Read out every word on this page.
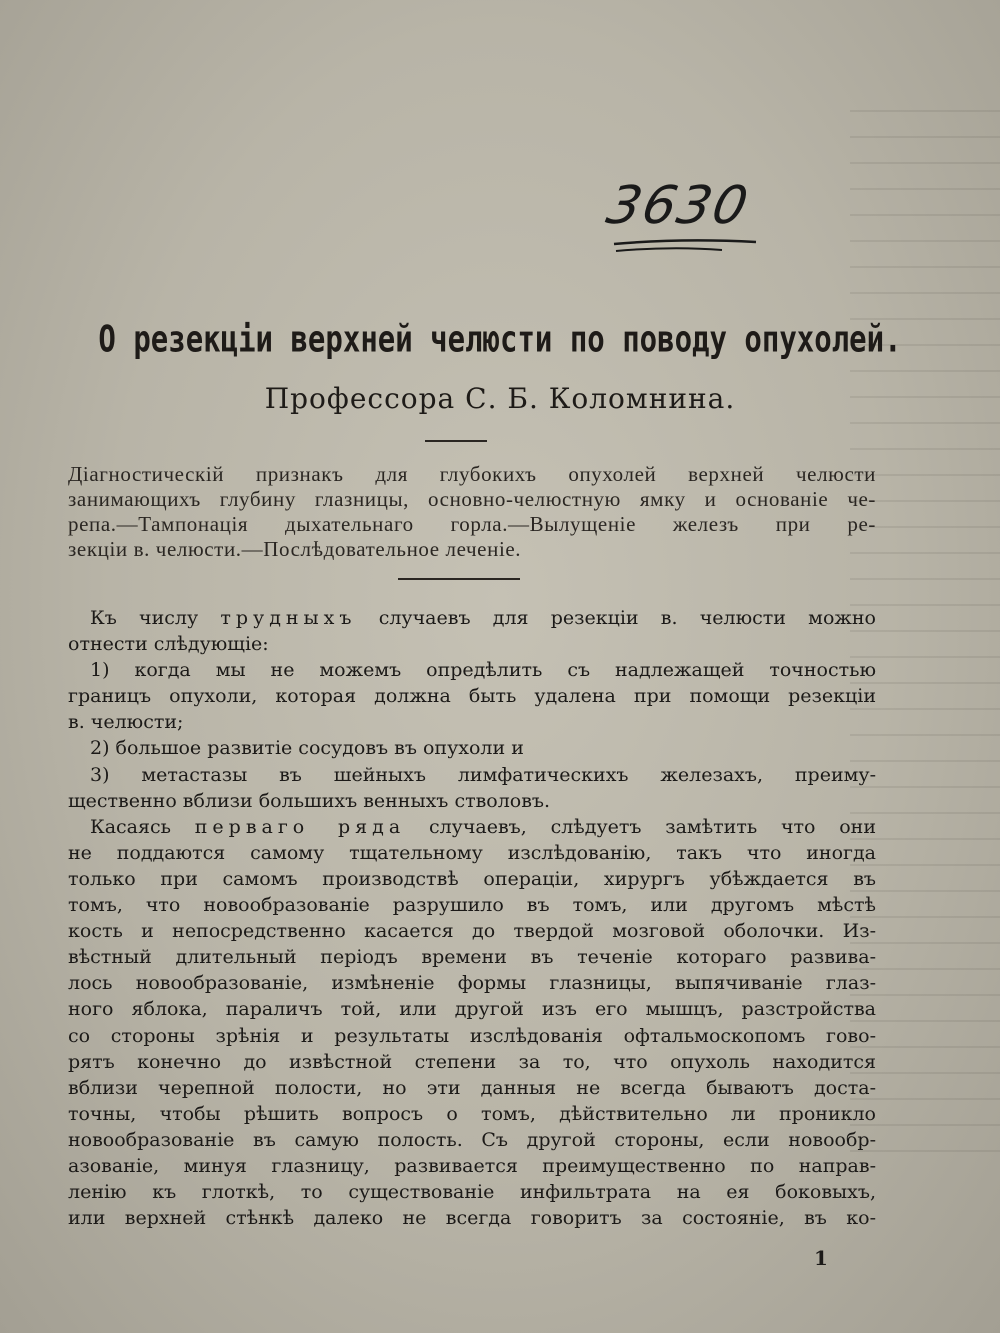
3630
О резекціи верхней челюсти по поводу опухолей.
Профессора С. Б. Коломнина.
Діагностическій признакъ для глубокихъ опухолей верхней челюсти
занимающихъ глубину глазницы, основно-челюстную ямку и основаніе че-
репа.—Тампонація дыхательнаго горла.—Вылущеніе железъ при ре-
зекціи в. челюсти.—Послѣдовательное леченіе.
Къ числу трудныхъ случаевъ для резекціи в. челюсти можно
отнести слѣдующіе:
1) когда мы не можемъ опредѣлить съ надлежащей точностью
границъ опухоли, которая должна быть удалена при помощи резекціи
в. челюсти;
2) большое развитіе сосудовъ въ опухоли и
3) метастазы въ шейныхъ лимфатическихъ железахъ, преиму-
щественно вблизи большихъ венныхъ стволовъ.
Касаясь перваго ряда случаевъ, слѣдуетъ замѣтить что они
не поддаются самому тщательному изслѣдованію, такъ что иногда
только при самомъ производствѣ операціи, хирургъ убѣждается въ
томъ, что новообразованіе разрушило въ томъ, или другомъ мѣстѣ
кость и непосредственно касается до твердой мозговой оболочки. Из-
вѣстный длительный періодъ времени въ теченіе котораго развива-
лось новообразованіе, измѣненіе формы глазницы, выпячиваніе глаз-
ного яблока, параличъ той, или другой изъ его мышцъ, разстройства
со стороны зрѣнія и результаты изслѣдованія офтальмоскопомъ гово-
рятъ конечно до извѣстной степени за то, что опухоль находится
вблизи черепной полости, но эти данныя не всегда бываютъ доста-
точны, чтобы рѣшить вопросъ о томъ, дѣйствительно ли проникло
новообразованіе въ самую полость. Съ другой стороны, если новообр-
азованіе, минуя глазницу, развивается преимущественно по направ-
ленію къ глоткѣ, то существованіе инфильтрата на ея боковыхъ,
или верхней стѣнкѣ далеко не всегда говоритъ за состояніе, въ ко-
1
